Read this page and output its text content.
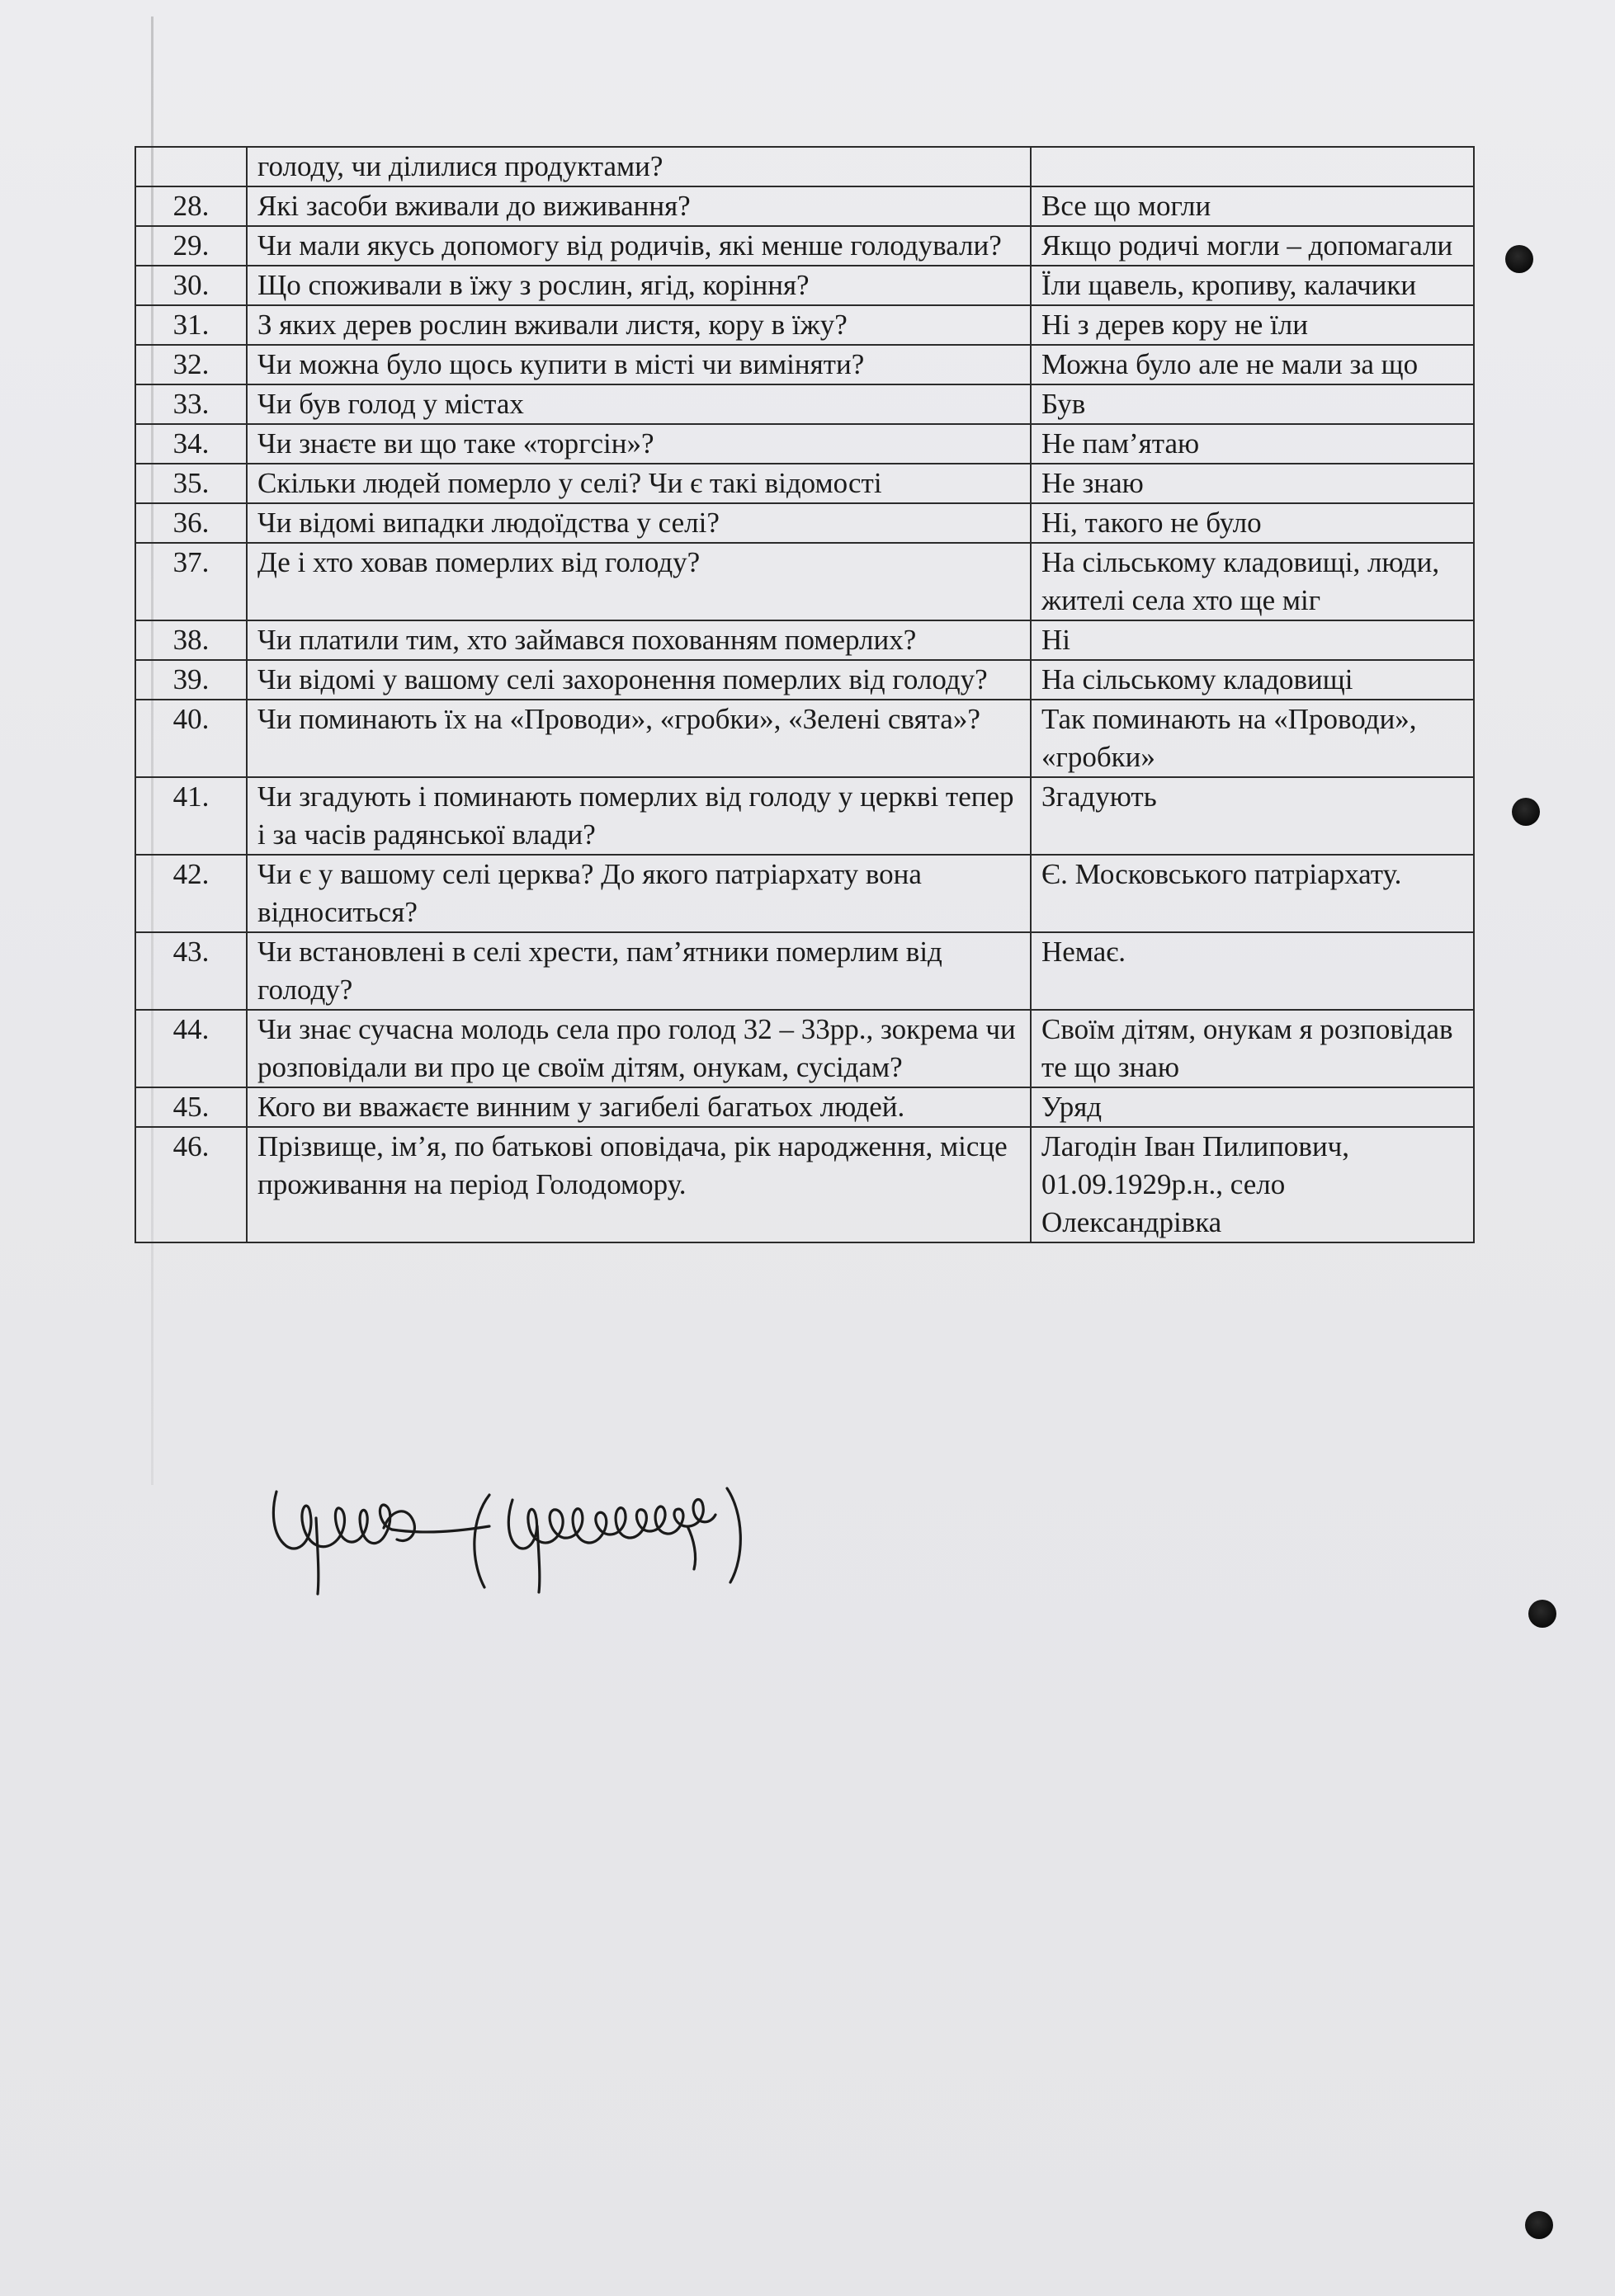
	голоду, чи ділилися продуктами?	
28.	Які засоби вживали до виживання?	Все що могли
29.	Чи мали якусь допомогу від родичів, які менше голодували?	Якщо родичі могли – допомагали
30.	Що споживали в їжу з рослин, ягід, коріння?	Їли щавель, кропиву, калачики
31.	З яких дерев рослин вживали листя, кору в їжу?	Ні з дерев кору не їли
32.	Чи можна було щось купити в місті чи виміняти?	Можна було але не мали за що
33.	Чи був голод у містах	Був
34.	Чи знаєте ви що таке «торгсін»?	Не пам’ятаю
35.	Скільки людей померло у селі? Чи є такі відомості	Не знаю
36.	Чи відомі випадки людоїдства у селі?	Ні, такого не було
37.	Де і хто ховав померлих від голоду?	На сільському кладовищі, люди, жителі села хто ще міг
38.	Чи платили тим, хто займався похованням померлих?	Ні
39.	Чи відомі у вашому селі захоронення померлих від голоду?	На сільському кладовищі
40.	Чи поминають їх на «Проводи», «гробки», «Зелені свята»?	Так поминають на «Проводи», «гробки»
41.	Чи згадують і поминають померлих від голоду у церкві тепер і за часів радянської влади?	Згадують
42.	Чи є у вашому селі церква? До якого патріархату вона відноситься?	Є. Московського патріархату.
43.	Чи встановлені в селі хрести, пам’ятники померлим від голоду?	Немає.
44.	Чи знає сучасна молодь села про голод 32 – 33рр., зокрема чи розповідали ви про це своїм дітям, онукам, сусідам?	Своїм дітям, онукам я розповідав те що знаю
45.	Кого ви вважаєте винним у загибелі багатьох людей.	Уряд
46.	Прізвище, ім’я, по батькові оповідача, рік народження, місце проживання на період Голодомору.	Лагодін Іван Пилипович, 01.09.1929р.н., село Олександрівка
